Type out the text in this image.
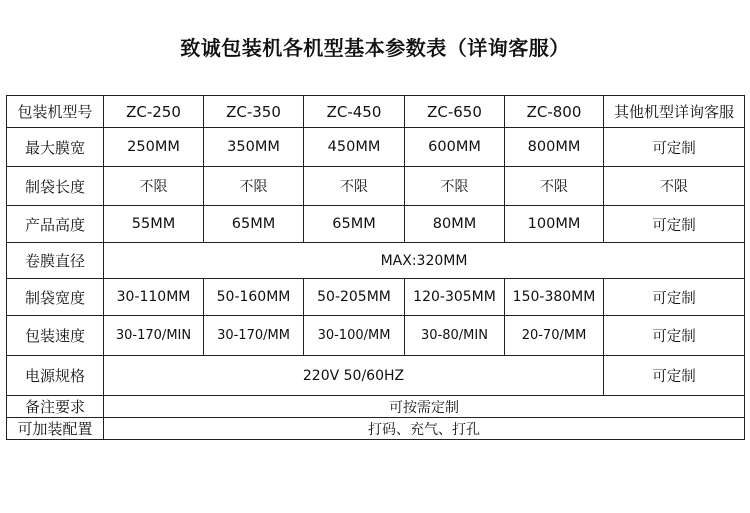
致诚包装机各机型基本参数表（详询客服）
包装机型号	ZC-250	ZC-350	ZC-450	ZC-650	ZC-800	其他机型详询客服
最大膜宽	250MM	350MM	450MM	600MM	800MM	可定制
制袋长度	不限	不限	不限	不限	不限	不限
产品高度	55MM	65MM	65MM	80MM	100MM	可定制
卷膜直径	MAX:320MM					
制袋宽度	30-110MM	50-160MM	50-205MM	120-305MM	150-380MM	可定制
包装速度	30-170/MIN	30-170/MM	30-100/MM	30-80/MIN	20-70/MM	可定制
电源规格	220V 50/60HZ					可定制
备注要求	可按需定制					
可加装配置	打码、充气、打孔					
